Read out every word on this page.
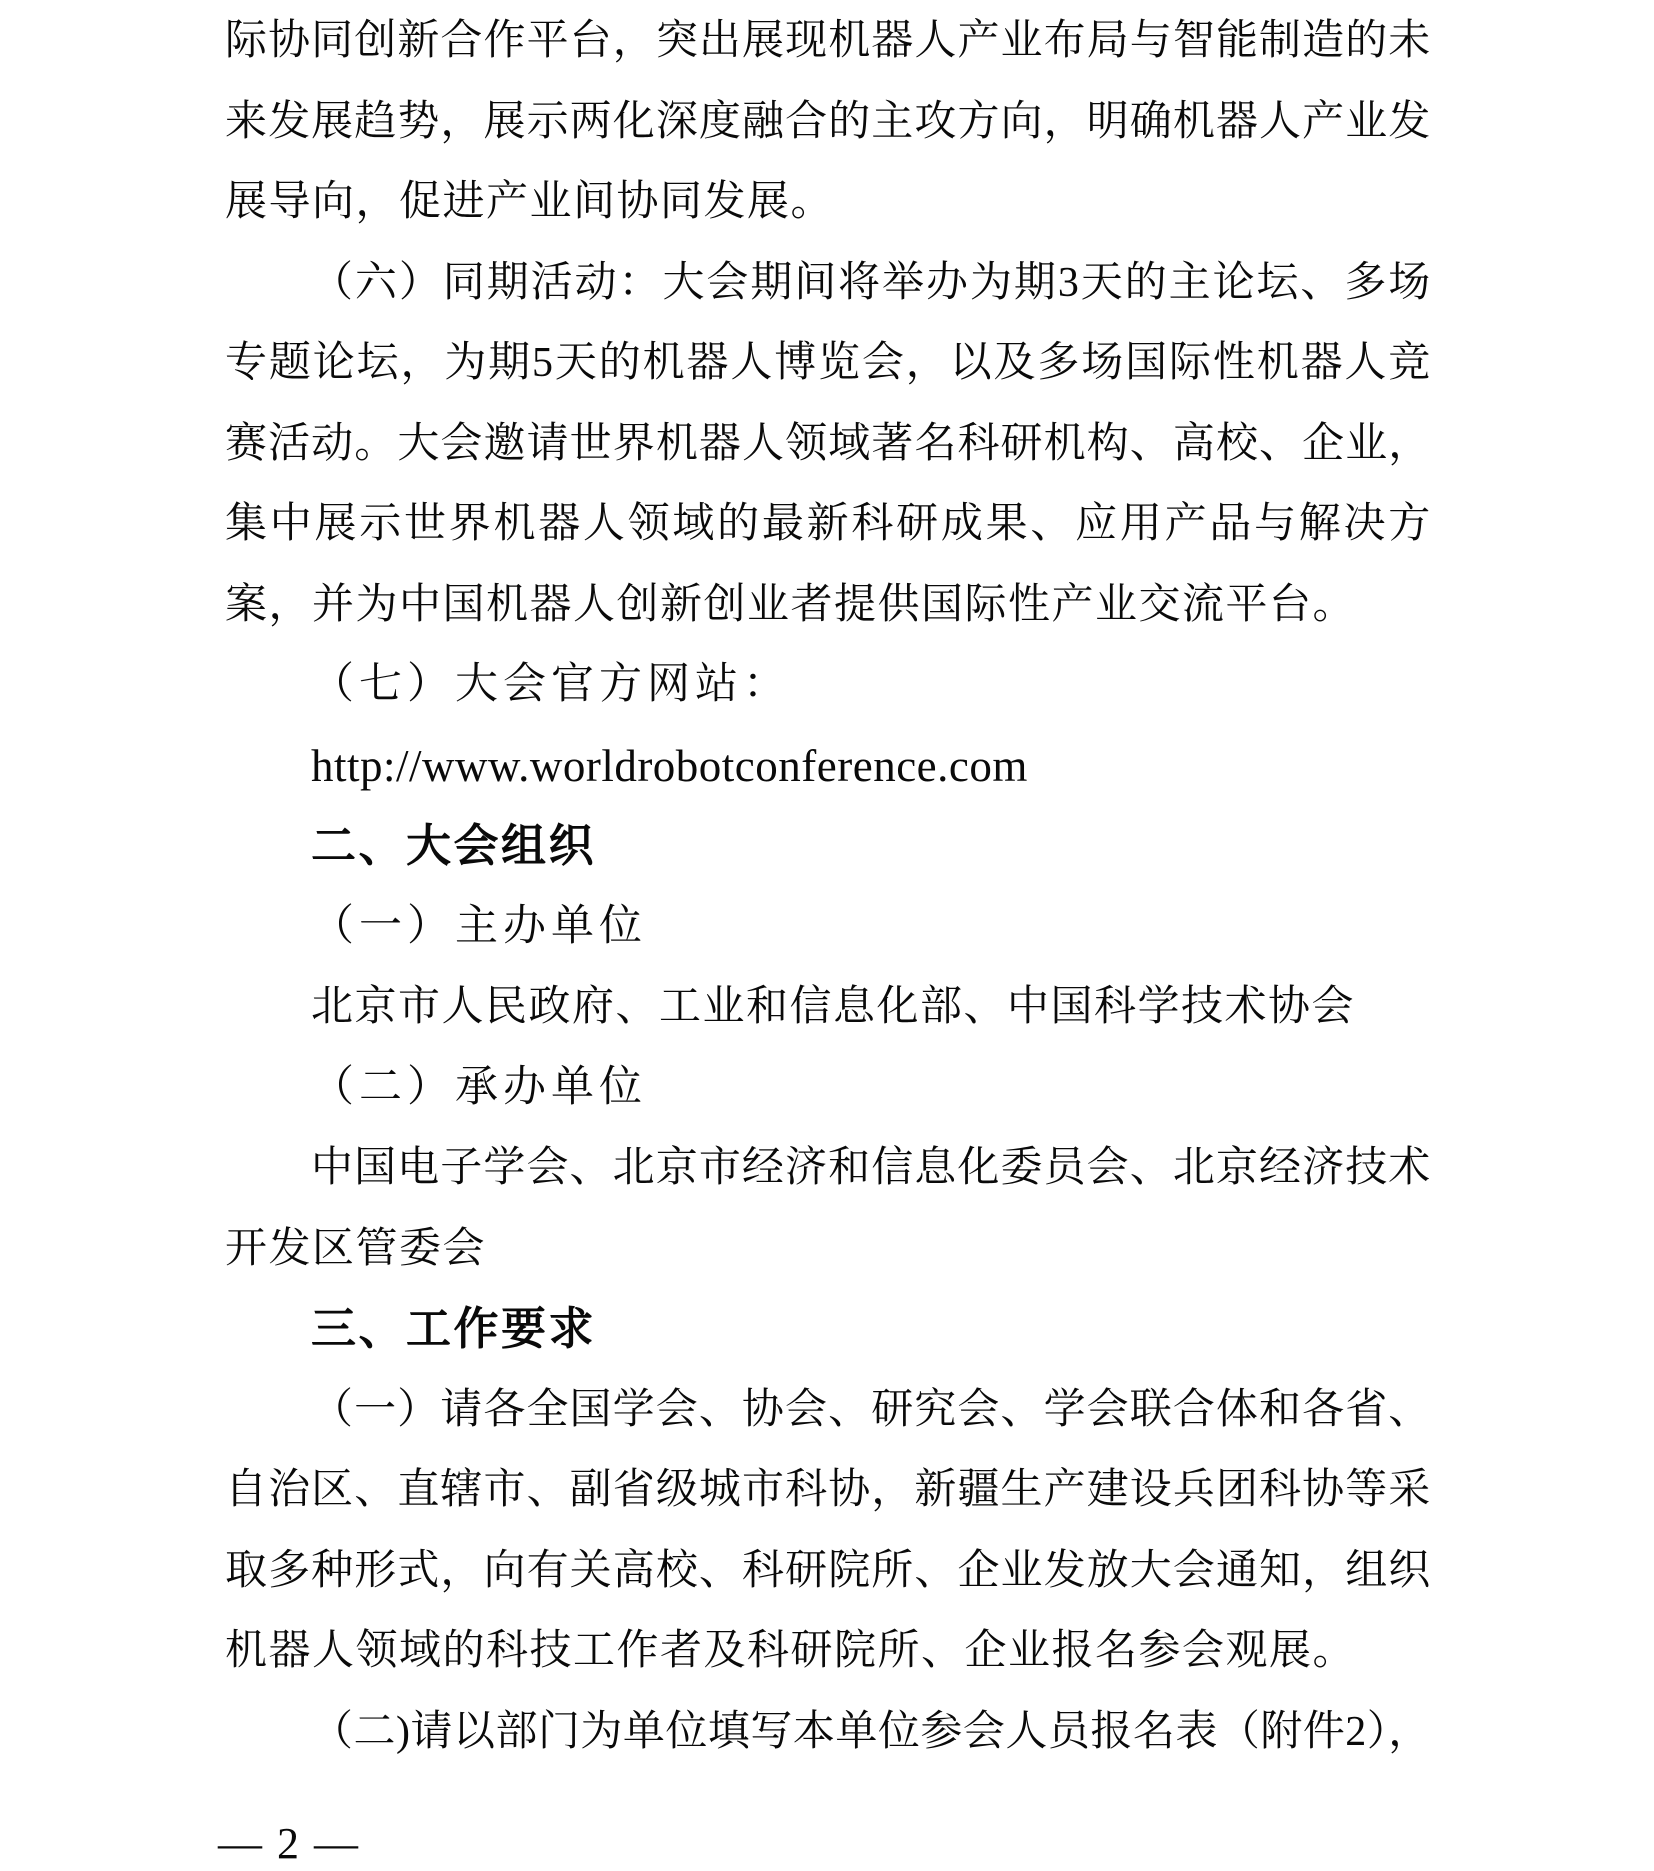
际协同创新合作平台，突出展现机器人产业布局与智能制造的未
来发展趋势，展示两化深度融合的主攻方向，明确机器人产业发
展导向，促进产业间协同发展。
（六）同期活动：大会期间将举办为期3天的主论坛、多场
专题论坛，为期5天的机器人博览会，以及多场国际性机器人竞
赛活动。大会邀请世界机器人领域著名科研机构、高校、企业，
集中展示世界机器人领域的最新科研成果、应用产品与解决方
案，并为中国机器人创新创业者提供国际性产业交流平台。
（七）大会官方网站：
http://www.worldrobotconference.com
二、大会组织
（一）主办单位
北京市人民政府、工业和信息化部、中国科学技术协会
（二）承办单位
中国电子学会、北京市经济和信息化委员会、北京经济技术
开发区管委会
三、工作要求
（一）请各全国学会、协会、研究会、学会联合体和各省、
自治区、直辖市、副省级城市科协，新疆生产建设兵团科协等采
取多种形式，向有关高校、科研院所、企业发放大会通知，组织
机器人领域的科技工作者及科研院所、企业报名参会观展。
（二)请以部门为单位填写本单位参会人员报名表（附件2），
— 2 —
